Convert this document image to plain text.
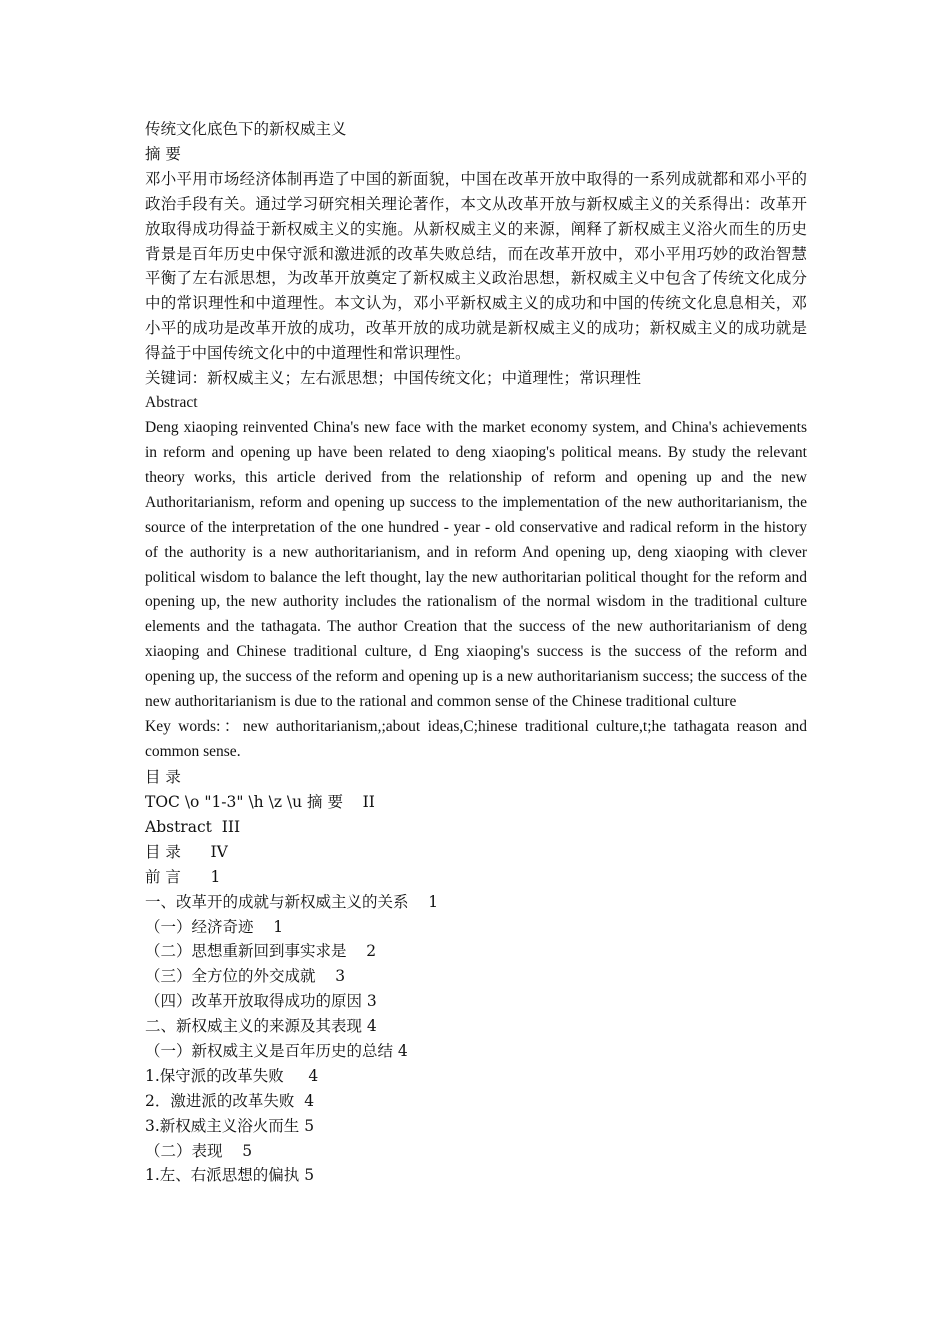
传统文化底色下的新权威主义
摘 要
邓小平用市场经济体制再造了中国的新面貌，中国在改革开放中取得的一系列成就都和邓小平的政治手段有关。通过学习研究相关理论著作，本文从改革开放与新权威主义的关系得出：改革开放取得成功得益于新权威主义的实施。从新权威主义的来源，阐释了新权威主义浴火而生的历史背景是百年历史中保守派和激进派的改革失败总结，而在改革开放中，邓小平用巧妙的政治智慧平衡了左右派思想，为改革开放奠定了新权威主义政治思想，新权威主义中包含了传统文化成分中的常识理性和中道理性。本文认为，邓小平新权威主义的成功和中国的传统文化息息相关，邓小平的成功是改革开放的成功，改革开放的成功就是新权威主义的成功；新权威主义的成功就是得益于中国传统文化中的中道理性和常识理性。
关键词：新权威主义；左右派思想；中国传统文化；中道理性；常识理性
Abstract
Deng xiaoping reinvented China's new face with the market economy system, and China's achievements in reform and opening up have been related to deng xiaoping's political means. By study the relevant theory works, this article derived from the relationship of reform and opening up and the new Authoritarianism, reform and opening up success to the implementation of the new authoritarianism, the source of the interpretation of the one hundred - year - old conservative and radical reform in the history of the authority is a new authoritarianism, and in reform And opening up, deng xiaoping with clever political wisdom to balance the left thought, lay the new authoritarian political thought for the reform and opening up, the new authority includes the rationalism of the normal wisdom in the traditional culture elements and the tathagata. The author Creation that the success of the new authoritarianism of deng xiaoping and Chinese traditional culture, d Eng xiaoping's success is the success of the reform and opening up, the success of the reform and opening up is a new authoritarianism success; the success of the new authoritarianism is due to the rational and common sense of the Chinese traditional culture
Key words:：new authoritarianism,;about ideas,C;hinese traditional culture,t;he tathagata reason and common sense.
目 录
TOC \o "1-3" \h \z \u 摘 要    II
Abstract  III
目 录      IV
前 言      1
一、改革开的成就与新权威主义的关系    1
（一）经济奇迹    1
（二）思想重新回到事实求是    2
（三）全方位的外交成就    3
（四）改革开放取得成功的原因 3
二、新权威主义的来源及其表现 4
（一）新权威主义是百年历史的总结 4
1.保守派的改革失败     4
2．激进派的改革失败  4
3.新权威主义浴火而生 5
（二）表现    5
1.左、右派思想的偏执 5
